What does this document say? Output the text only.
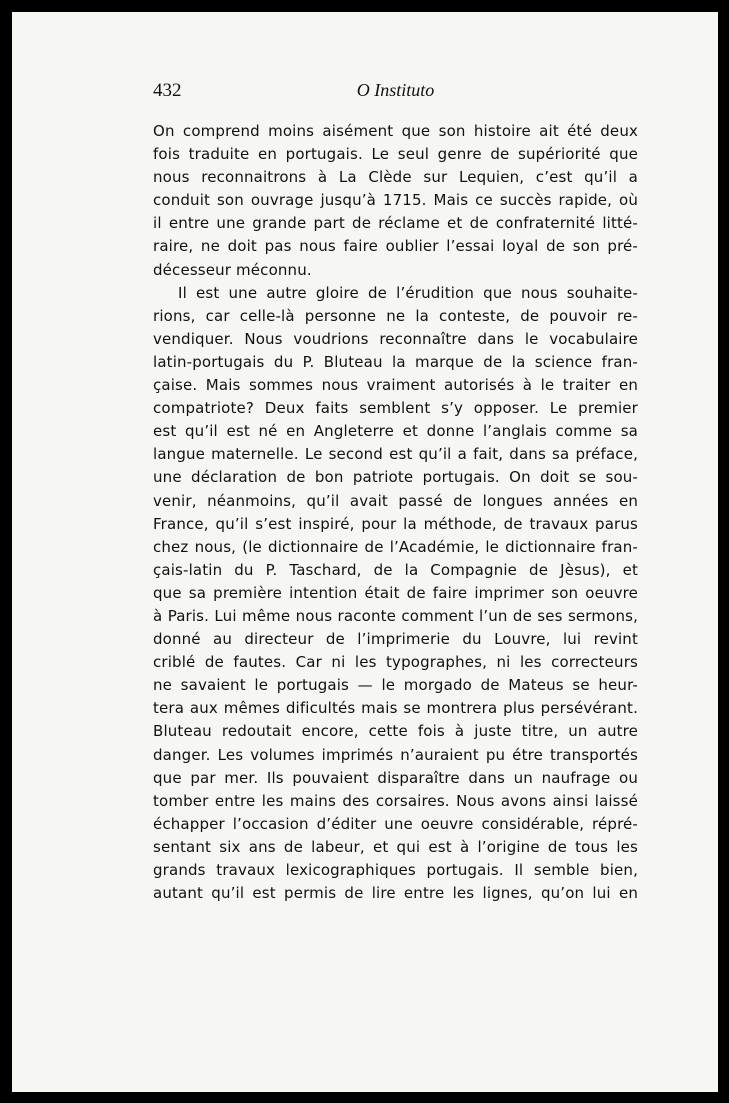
432	O Instituto
On comprend moins aisément que son histoire ait été deux
fois traduite en portugais. Le seul genre de supériorité que
nous reconnaitrons à La Clède sur Lequien, c’est qu’il a
conduit son ouvrage jusqu’à 1715. Mais ce succès rapide, où
il entre une grande part de réclame et de confraternité litté-
raire, ne doit pas nous faire oublier l’essai loyal de son pré-
décesseur méconnu.
Il est une autre gloire de l’érudition que nous souhaite-
rions, car celle-là personne ne la conteste, de pouvoir re-
vendiquer. Nous voudrions reconnaître dans le vocabulaire
latin-portugais du P. Bluteau la marque de la science fran-
çaise. Mais sommes nous vraiment autorisés à le traiter en
compatriote? Deux faits semblent s’y opposer. Le premier
est qu’il est né en Angleterre et donne l’anglais comme sa
langue maternelle. Le second est qu’il a fait, dans sa préface,
une déclaration de bon patriote portugais. On doit se sou-
venir, néanmoins, qu’il avait passé de longues années en
France, qu’il s’est inspiré, pour la méthode, de travaux parus
chez nous, (le dictionnaire de l’Académie, le dictionnaire fran-
çais-latin du P. Taschard, de la Compagnie de Jèsus), et
que sa première intention était de faire imprimer son oeuvre
à Paris. Lui même nous raconte comment l’un de ses sermons,
donné au directeur de l’imprimerie du Louvre, lui revint
criblé de fautes. Car ni les typographes, ni les correcteurs
ne savaient le portugais — le morgado de Mateus se heur-
tera aux mêmes dificultés mais se montrera plus persévérant.
Bluteau redoutait encore, cette fois à juste titre, un autre
danger. Les volumes imprimés n’auraient pu étre transportés
que par mer. Ils pouvaient disparaître dans un naufrage ou
tomber entre les mains des corsaires. Nous avons ainsi laissé
échapper l’occasion d’éditer une oeuvre considérable, répré-
sentant six ans de labeur, et qui est à l’origine de tous les
grands travaux lexicographiques portugais. Il semble bien,
autant qu’il est permis de lire entre les lignes, qu’on lui en
